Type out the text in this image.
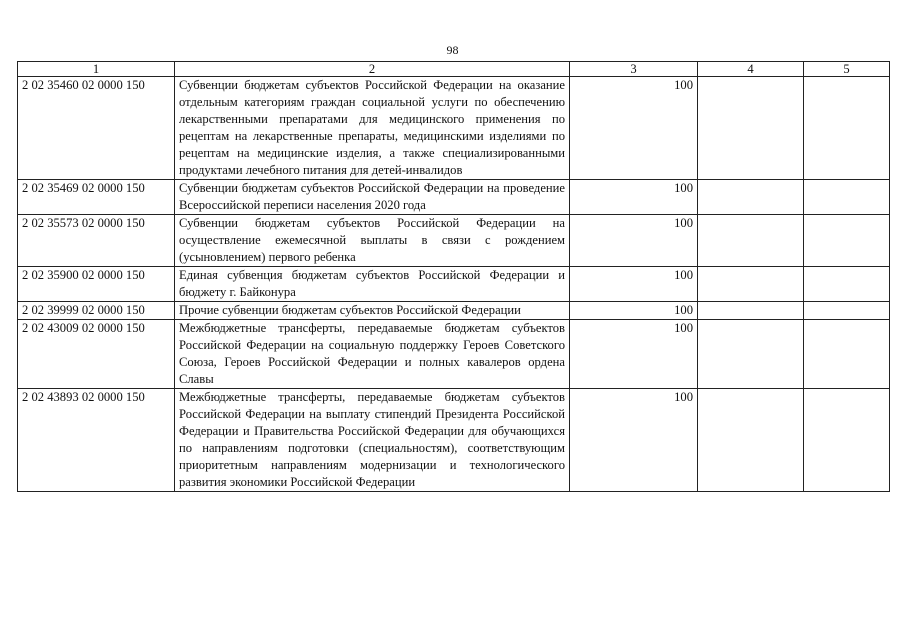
98
1	2	3	4	5
2 02 35460 02 0000 150	Субвенции бюджетам субъектов Российской Федерации на оказание отдельным категориям граждан социальной услуги по обеспечению лекарственными препаратами для медицинского применения по рецептам на лекарственные препараты, медицинскими изделиями по рецептам на медицинские изделия, а также специализированными продуктами лечебного питания для детей-инвалидов	100		
2 02 35469 02 0000 150	Субвенции бюджетам субъектов Российской Федерации на проведение Всероссийской переписи населения 2020 года	100		
2 02 35573 02 0000 150	Субвенции бюджетам субъектов Российской Федерации на осуществление ежемесячной выплаты в связи с рождением (усыновлением) первого ребенка	100		
2 02 35900 02 0000 150	Единая субвенция бюджетам субъектов Российской Федерации и бюджету г. Байконура	100		
2 02 39999 02 0000 150	Прочие субвенции бюджетам субъектов Российской Федерации	100		
2 02 43009 02 0000 150	Межбюджетные трансферты, передаваемые бюджетам субъектов Российской Федерации на социальную поддержку Героев Советского Союза, Героев Российской Федерации и полных кавалеров ордена Славы	100		
2 02 43893 02 0000 150	Межбюджетные трансферты, передаваемые бюджетам субъектов Российской Федерации на выплату стипендий Президента Российской Федерации и Правительства Российской Федерации для обучающихся по направлениям подготовки (специальностям), соответствующим приоритетным направлениям модернизации и технологического развития экономики Российской Федерации	100		
